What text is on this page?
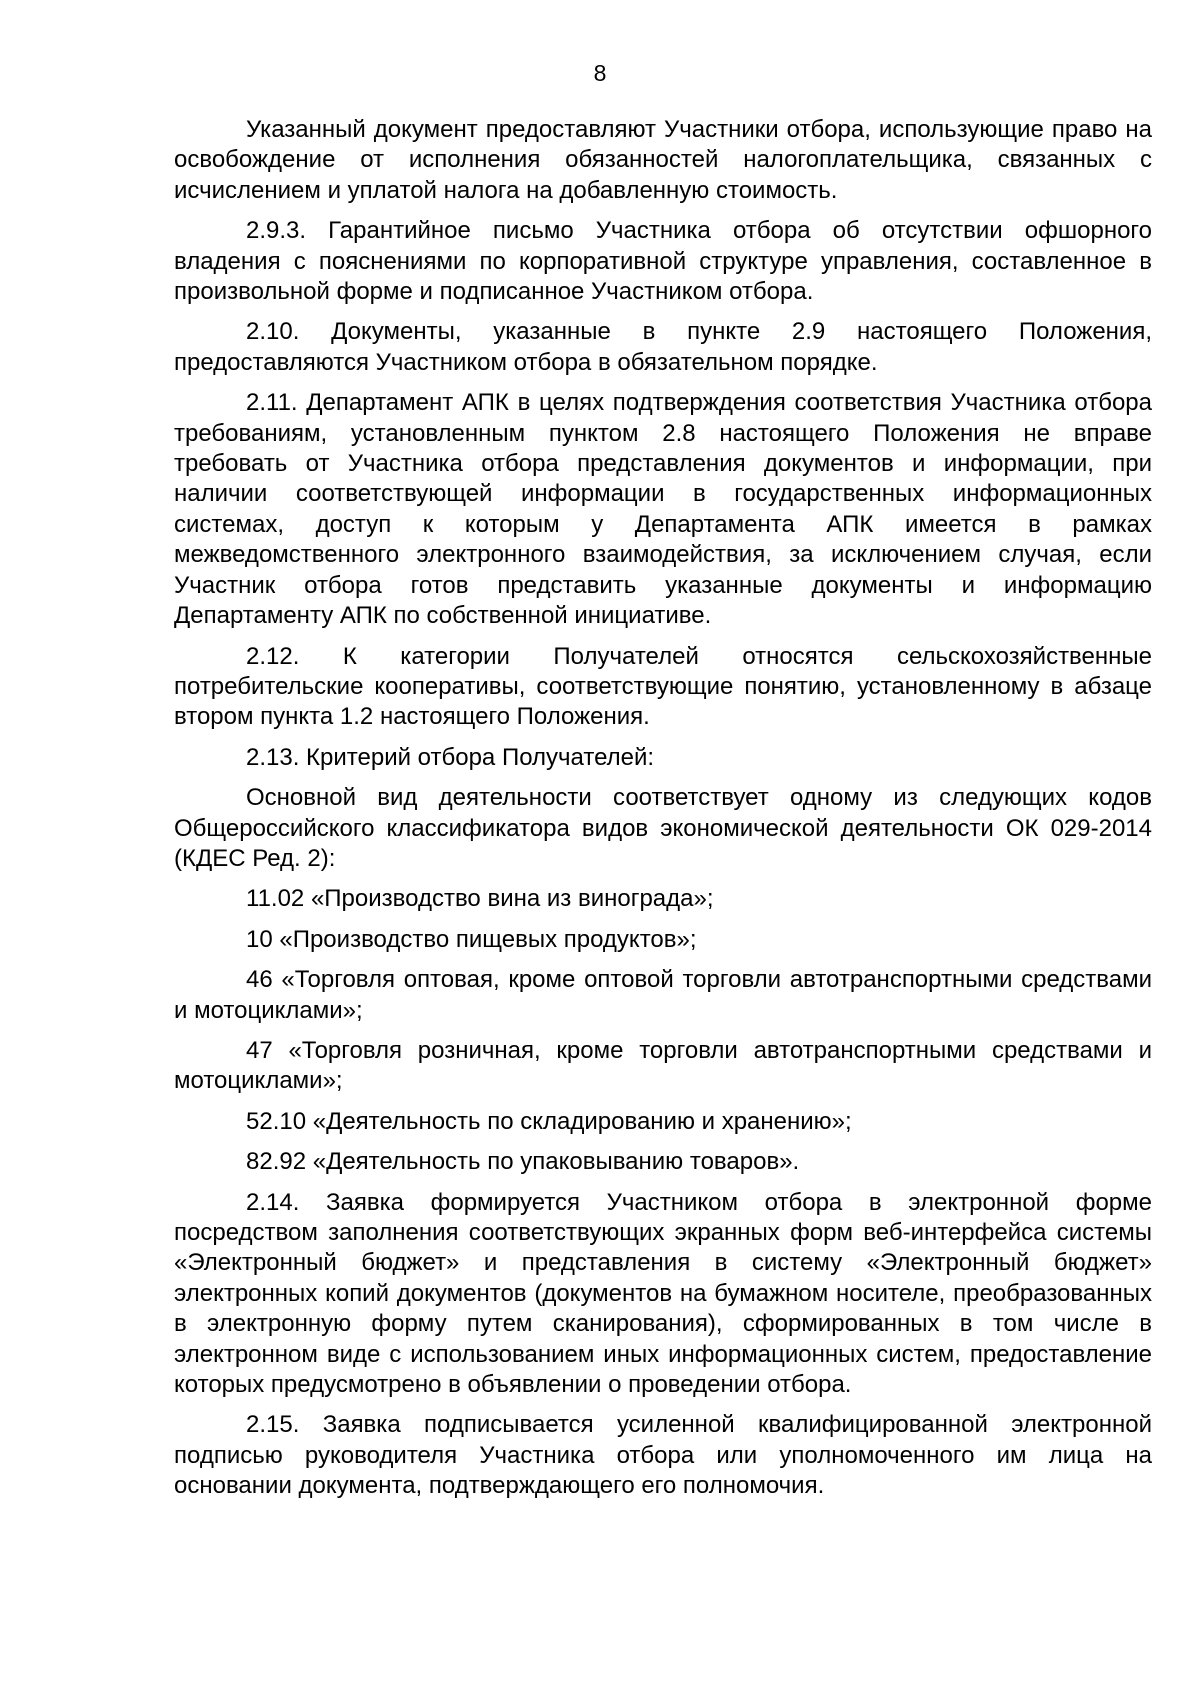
8

Указанный документ предоставляют Участники отбора, использующие право на освобождение от исполнения обязанностей налогоплательщика, связанных с исчислением и уплатой налога на добавленную стоимость.

2.9.3. Гарантийное письмо Участника отбора об отсутствии офшорного владения с пояснениями по корпоративной структуре управления, составленное в произвольной форме и подписанное Участником отбора.

2.10. Документы, указанные в пункте 2.9 настоящего Положения, предоставляются Участником отбора в обязательном порядке.

2.11. Департамент АПК в целях подтверждения соответствия Участника отбора требованиям, установленным пунктом 2.8 настоящего Положения не вправе требовать от Участника отбора представления документов и информации, при наличии соответствующей информации в государственных информационных системах, доступ к которым у Департамента АПК имеется в рамках межведомственного электронного взаимодействия, за исключением случая, если Участник отбора готов представить указанные документы и информацию Департаменту АПК по собственной инициативе.

2.12. К категории Получателей относятся сельскохозяйственные потребительские кооперативы, соответствующие понятию, установленному в абзаце втором пункта 1.2 настоящего Положения.

2.13. Критерий отбора Получателей:

Основной вид деятельности соответствует одному из следующих кодов Общероссийского классификатора видов экономической деятельности ОК 029-2014 (КДЕС Ред. 2):

11.02 «Производство вина из винограда»;

10 «Производство пищевых продуктов»;

46 «Торговля оптовая, кроме оптовой торговли автотранспортными средствами и мотоциклами»;

47 «Торговля розничная, кроме торговли автотранспортными средствами и мотоциклами»;

52.10 «Деятельность по складированию и хранению»;

82.92 «Деятельность по упаковыванию товаров».

2.14. Заявка формируется Участником отбора в электронной форме посредством заполнения соответствующих экранных форм веб-интерфейса системы «Электронный бюджет» и представления в систему «Электронный бюджет» электронных копий документов (документов на бумажном носителе, преобразованных в электронную форму путем сканирования), сформированных в том числе в электронном виде с использованием иных информационных систем, предоставление которых предусмотрено в объявлении о проведении отбора.

2.15. Заявка подписывается усиленной квалифицированной электронной подписью руководителя Участника отбора или уполномоченного им лица на основании документа, подтверждающего его полномочия.
